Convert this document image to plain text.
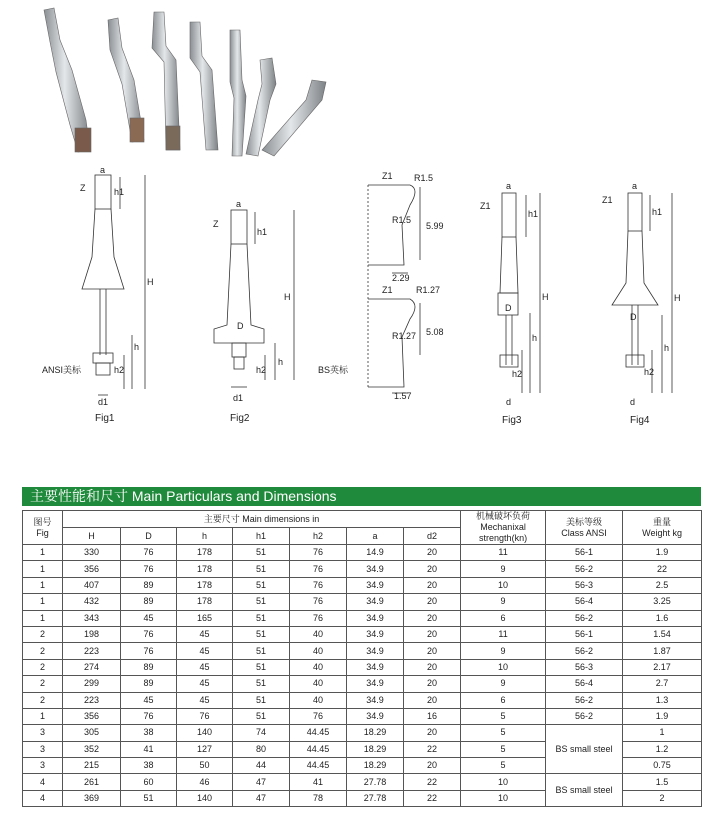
a
Z	h1
H
h
h2
d1
ANSI美标
a
Z
h1
H
D
h
h2
d1
Z1 R1.5
R1.5
5.99
2.29
Z1	R1.27
R1.27 5.08
1.57
BS英标
a
Z1
h1
H
D
h
h2
d
a
Z1
h1
H
D
h
h2
d
Fig1	Fig2	Fig3	Fig4
主要性能和尺寸 Main Particulars and Dimensions
图号
Fig	主要尺寸 Main dimensions in							机械破坏负荷
Mechanixal
strength(kn)	美标等级
Class ANSI	重量
Weight kg
	H	D	h	h1	h2	a	d2			
1	330	76	178	51	76	14.9	20	11	56-1	1.9
1	356	76	178	51	76	34.9	20	9	56-2	22
1	407	89	178	51	76	34.9	20	10	56-3	2.5
1	432	89	178	51	76	34.9	20	9	56-4	3.25
1	343	45	165	51	76	34.9	20	6	56-2	1.6
2	198	76	45	51	40	34.9	20	11	56-1	1.54
2	223	76	45	51	40	34.9	20	9	56-2	1.87
2	274	89	45	51	40	34.9	20	10	56-3	2.17
2	299	89	45	51	40	34.9	20	9	56-4	2.7
2	223	45	45	51	40	34.9	20	6	56-2	1.3
1	356	76	76	51	76	34.9	16	5	56-2	1.9
3	305	38	140	74	44.45	18.29	20	5	BS small steel	1
3	352	41	127	80	44.45	18.29	22	5		1.2
3	215	38	50	44	44.45	18.29	20	5		0.75
4	261	60	46	47	41	27.78	22	10	BS small steel	1.5
4	369	51	140	47	78	27.78	22	10		2
